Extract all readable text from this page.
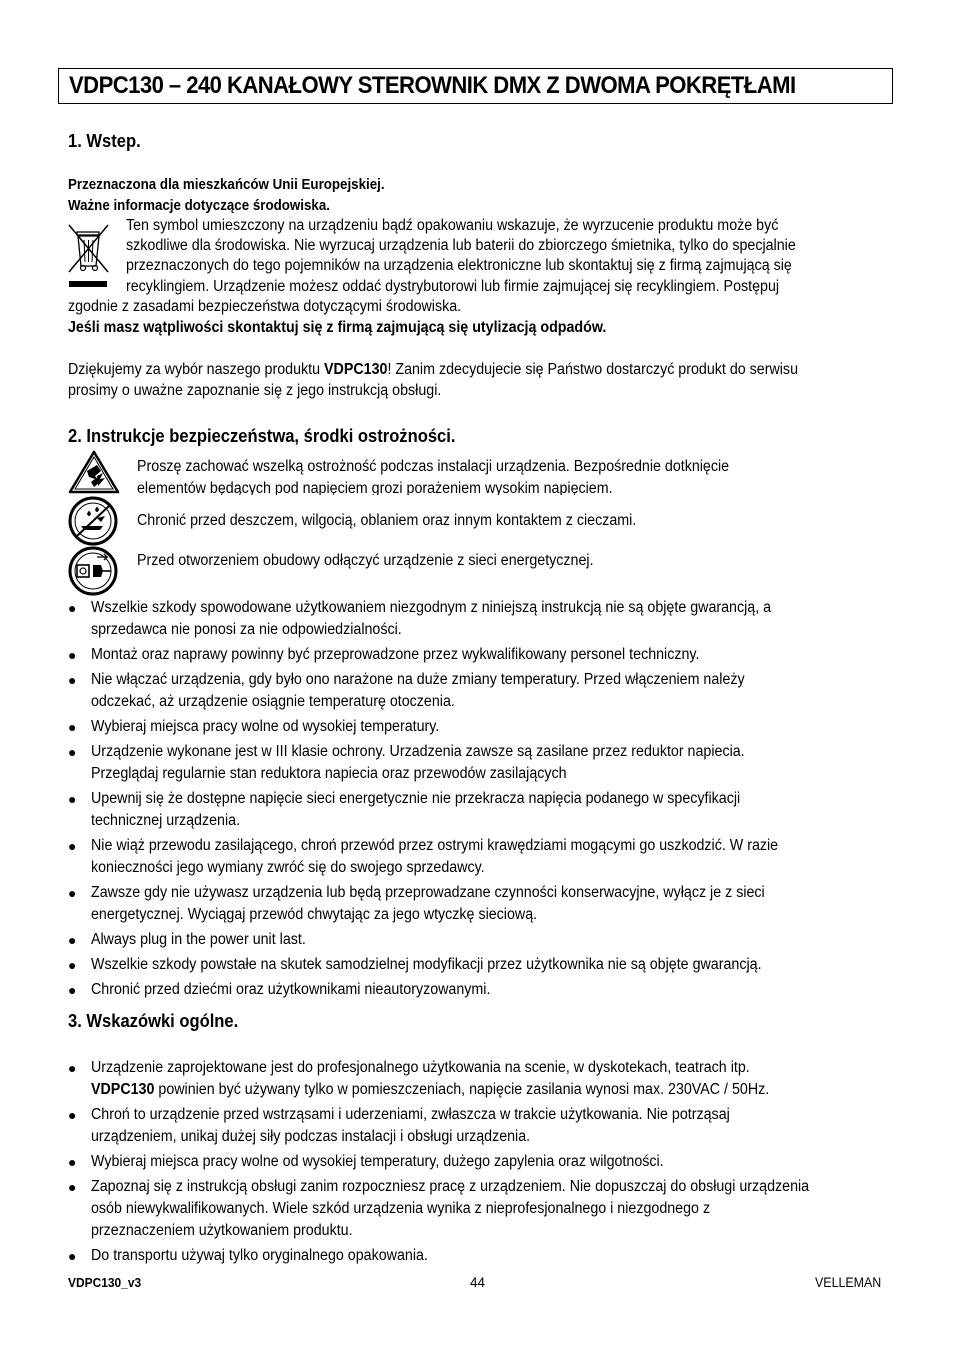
VDPC130 – 240 KANAŁOWY STEROWNIK DMX Z DWOMA POKRĘTŁAMI
1. Wstep.
Przeznaczona dla mieszkańców Unii Europejskiej.
Ważne informacje dotyczące środowiska.
Ten symbol umieszczony na urządzeniu bądź opakowaniu wskazuje, że wyrzucenie produktu może być
szkodliwe dla środowiska. Nie wyrzucaj urządzenia lub baterii do zbiorczego śmietnika, tylko do specjalnie
przeznaczonych do tego pojemników na urządzenia elektroniczne lub skontaktuj się z firmą zajmującą się
recyklingiem. Urządzenie możesz oddać dystrybutorowi lub firmie zajmującej się recyklingiem. Postępuj
zgodnie z zasadami bezpieczeństwa dotyczącymi środowiska.
Jeśli masz wątpliwości skontaktuj się z firmą zajmującą się utylizacją odpadów.
Dziękujemy za wybór naszego produktu VDPC130! Zanim zdecydujecie się Państwo dostarczyć produkt do serwisu
prosimy o uważne zapoznanie się z jego instrukcją obsługi.
2. Instrukcje bezpieczeństwa, środki ostrożności.
Proszę zachować wszelką ostrożność podczas instalacji urządzenia. Bezpośrednie dotknięcie
elementów będących pod napięciem grozi porażeniem wysokim napięciem.
Chronić przed deszczem, wilgocią, oblaniem oraz innym kontaktem z cieczami.
Przed otworzeniem obudowy odłączyć urządzenie z sieci energetycznej.
● Wszelkie szkody spowodowane użytkowaniem niezgodnym z niniejszą instrukcją nie są objęte gwarancją, a
sprzedawca nie ponosi za nie odpowiedzialności.
● Montaż oraz naprawy powinny być przeprowadzone przez wykwalifikowany personel techniczny.
● Nie włączać urządzenia, gdy było ono narażone na duże zmiany temperatury. Przed włączeniem należy
odczekać, aż urządzenie osiągnie temperaturę otoczenia.
● Wybieraj miejsca pracy wolne od wysokiej temperatury.
● Urządzenie wykonane jest w III klasie ochrony. Urzadzenia zawsze są zasilane przez reduktor napiecia.
Przeglądaj regularnie stan reduktora napiecia oraz przewodów zasilających
● Upewnij się że dostępne napięcie sieci energetycznie nie przekracza napięcia podanego w specyfikacji
technicznej urządzenia.
● Nie wiąż przewodu zasilającego, chroń przewód przez ostrymi krawędziami mogącymi go uszkodzić. W razie
konieczności jego wymiany zwróć się do swojego sprzedawcy.
● Zawsze gdy nie używasz urządzenia lub będą przeprowadzane czynności konserwacyjne, wyłącz je z sieci
energetycznej. Wyciągaj przewód chwytając za jego wtyczkę sieciową.
● Always plug in the power unit last.
● Wszelkie szkody powstałe na skutek samodzielnej modyfikacji przez użytkownika nie są objęte gwarancją.
● Chronić przed dziećmi oraz użytkownikami nieautoryzowanymi.
3. Wskazówki ogólne.
● Urządzenie zaprojektowane jest do profesjonalnego użytkowania na scenie, w dyskotekach, teatrach itp.
VDPC130 powinien być używany tylko w pomieszczeniach, napięcie zasilania wynosi max. 230VAC / 50Hz.
● Chroń to urządzenie przed wstrząsami i uderzeniami, zwłaszcza w trakcie użytkowania. Nie potrząsaj
urządzeniem, unikaj dużej siły podczas instalacji i obsługi urządzenia.
● Wybieraj miejsca pracy wolne od wysokiej temperatury, dużego zapylenia oraz wilgotności.
● Zapoznaj się z instrukcją obsługi zanim rozpoczniesz pracę z urządzeniem. Nie dopuszczaj do obsługi urządzenia
osób niewykwalifikowanych. Wiele szkód urządzenia wynika z nieprofesjonalnego i niezgodnego z
przeznaczeniem użytkowaniem produktu.
● Do transportu używaj tylko oryginalnego opakowania.
VDPC130_v3	44	VELLEMAN
